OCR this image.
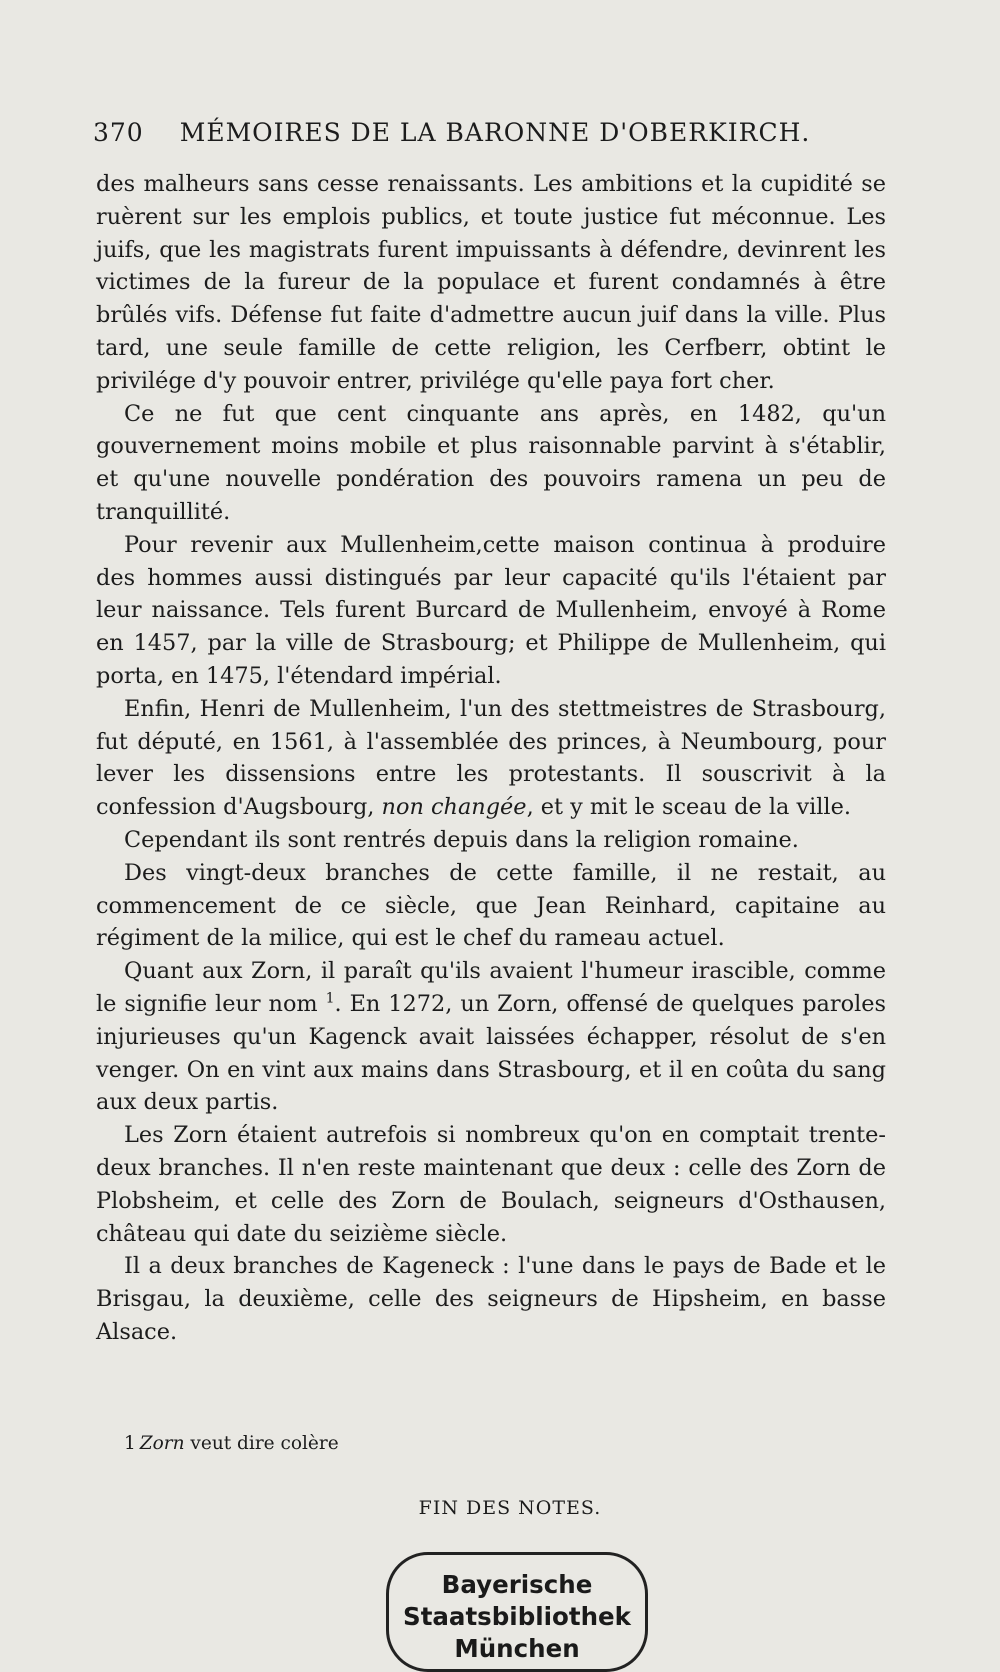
370 MÉMOIRES DE LA BARONNE D'OBERKIRCH.

des malheurs sans cesse renaissants. Les ambitions et la cupidité se ruèrent sur les emplois publics, et toute justice fut méconnue. Les juifs, que les magistrats furent impuissants à défendre, devinrent les victimes de la fureur de la populace et furent condamnés à être brûlés vifs. Défense fut faite d'admettre aucun juif dans la ville. Plus tard, une seule famille de cette religion, les Cerfberr, obtint le privilége d'y pouvoir entrer, privilége qu'elle paya fort cher.

Ce ne fut que cent cinquante ans après, en 1482, qu'un gouvernement moins mobile et plus raisonnable parvint à s'établir, et qu'une nouvelle pondération des pouvoirs ramena un peu de tranquillité.

Pour revenir aux Mullenheim,cette maison continua à produire des hommes aussi distingués par leur capacité qu'ils l'étaient par leur naissance. Tels furent Burcard de Mullenheim, envoyé à Rome en 1457, par la ville de Strasbourg; et Philippe de Mullenheim, qui porta, en 1475, l'étendard impérial.

Enfin, Henri de Mullenheim, l'un des stettmeistres de Strasbourg, fut député, en 1561, à l'assemblée des princes, à Neumbourg, pour lever les dissensions entre les protestants. Il souscrivit à la confession d'Augsbourg, non changée, et y mit le sceau de la ville.

Cependant ils sont rentrés depuis dans la religion romaine.

Des vingt-deux branches de cette famille, il ne restait, au commencement de ce siècle, que Jean Reinhard, capitaine au régiment de la milice, qui est le chef du rameau actuel.

Quant aux Zorn, il paraît qu'ils avaient l'humeur irascible, comme le signifie leur nom $^1$. En 1272, un Zorn, offensé de quelques paroles injurieuses qu'un Kagenck avait laissées échapper, résolut de s'en venger. On en vint aux mains dans Strasbourg, et il en coûta du sang aux deux partis.

Les Zorn étaient autrefois si nombreux qu'on en comptait trente-deux branches. Il n'en reste maintenant que deux : celle des Zorn de Plobsheim, et celle des Zorn de Boulach, seigneurs d'Osthausen, château qui date du seizième siècle.

Il a deux branches de Kageneck : l'une dans le pays de Bade et le Brisgau, la deuxième, celle des seigneurs de Hipsheim, en basse Alsace.

1 Zorn veut dire colère
FIN DES NOTES.
Bayerische
Staatsbibliothek
München
